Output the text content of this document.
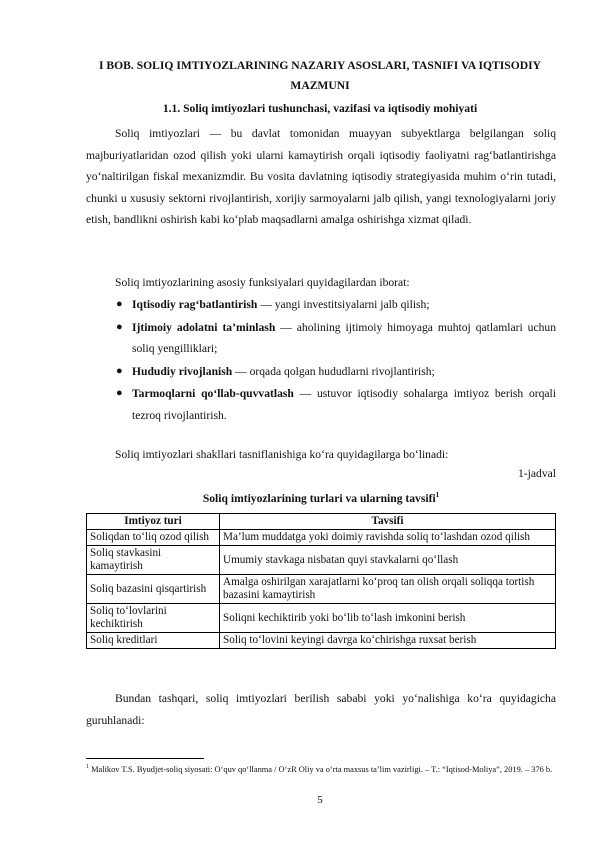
I BOB. SOLIQ IMTIYOZLARINING NAZARIY ASOSLARI, TASNIFI VA IQTISODIY MAZMUNI
1.1. Soliq imtiyozlari tushunchasi, vazifasi va iqtisodiy mohiyati
Soliq imtiyozlari — bu davlat tomonidan muayyan subyektlarga belgilangan soliq majburiyatlaridan ozod qilish yoki ularni kamaytirish orqali iqtisodiy faoliyatni rag‘batlantirishga yo‘naltirilgan fiskal mexanizmdir. Bu vosita davlatning iqtisodiy strategiyasida muhim o‘rin tutadi, chunki u xususiy sektorni rivojlantirish, xorijiy sarmoyalarni jalb qilish, yangi texnologiyalarni joriy etish, bandlikni oshirish kabi ko‘plab maqsadlarni amalga oshirishga xizmat qiladi.
Soliq imtiyozlarining asosiy funksiyalari quyidagilardan iborat:
● Iqtisodiy rag‘batlantirish — yangi investitsiyalarni jalb qilish;
● Ijtimoiy adolatni ta’minlash — aholining ijtimoiy himoyaga muhtoj qatlamlari uchun soliq yengilliklari;
● Hududiy rivojlanish — orqada qolgan hududlarni rivojlantirish;
● Tarmoqlarni qo‘llab-quvvatlash — ustuvor iqtisodiy sohalarga imtiyoz berish orqali tezroq rivojlantirish.
Soliq imtiyozlari shakllari tasniflanishiga ko‘ra quyidagilarga bo‘linadi:
1-jadval
Soliq imtiyozlarining turlari va ularning tavsifi$^1$
Imtiyoz turi	Tavsifi
Soliqdan to‘liq ozod qilish	Ma’lum muddatga yoki doimiy ravishda soliq to‘lashdan ozod qilish
Soliq stavkasini kamaytirish	Umumiy stavkaga nisbatan quyi stavkalarni qo‘llash
Soliq bazasini qisqartirish	Amalga oshirilgan xarajatlarni ko‘proq tan olish orqali soliqqa tortish bazasini kamaytirish
Soliq to‘lovlarini kechiktirish	Soliqni kechiktirib yoki bo‘lib to‘lash imkonini berish
Soliq kreditlari	Soliq to‘lovini keyingi davrga ko‘chirishga ruxsat berish
Bundan tashqari, soliq imtiyozlari berilish sababi yoki yo‘nalishiga ko‘ra quyidagicha guruhlanadi:
$^1$ Malikov T.S. Byudjet-soliq siyosati: O‘quv qo‘llanma / O‘zR Oliy va o‘rta maxsus ta’lim vazirligi. – T.: “Iqtisod-Moliya”, 2019. – 376 b.
5
